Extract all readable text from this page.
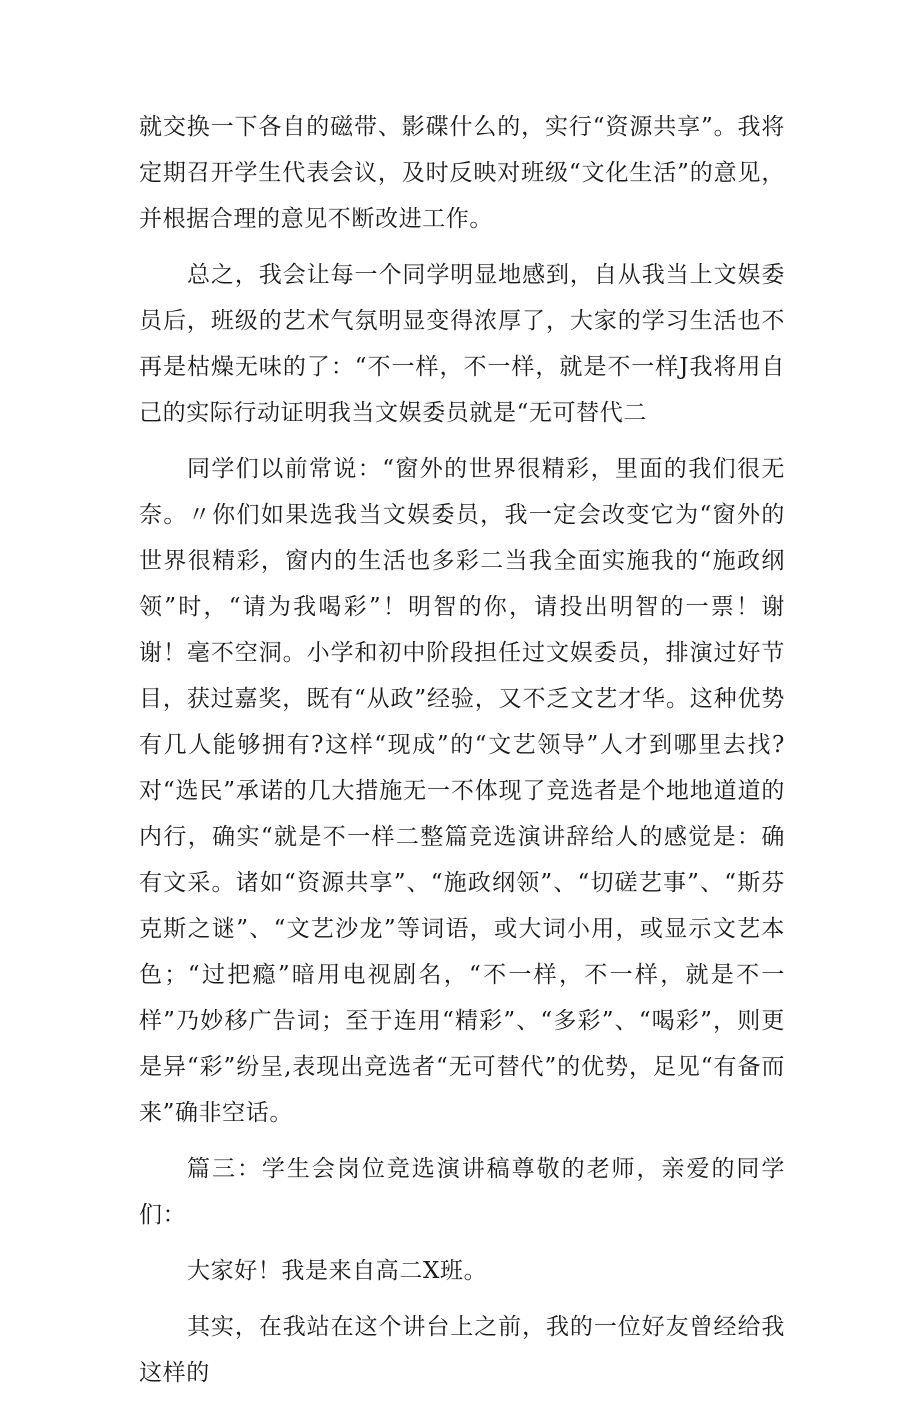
就交换一下各自的磁带、影碟什么的，实行“资源共享”。我将定期召开学生代表会议，及时反映对班级“文化生活”的意见，并根据合理的意见不断改进工作。

总之，我会让每一个同学明显地感到，自从我当上文娱委员后，班级的艺术气氛明显变得浓厚了，大家的学习生活也不再是枯燥无味的了：“不一样，不一样，就是不一样J我将用自己的实际行动证明我当文娱委员就是“无可替代二

同学们以前常说：“窗外的世界很精彩，里面的我们很无奈。〃你们如果选我当文娱委员，我一定会改变它为“窗外的世界很精彩，窗内的生活也多彩二当我全面实施我的“施政纲领”时，“请为我喝彩”！明智的你，请投出明智的一票！谢谢！毫不空洞。小学和初中阶段担任过文娱委员，排演过好节目，获过嘉奖，既有“从政”经验，又不乏文艺才华。这种优势有几人能够拥有?这样“现成”的“文艺领导”人才到哪里去找?对“选民”承诺的几大措施无一不体现了竞选者是个地地道道的内行，确实“就是不一样二整篇竞选演讲辞给人的感觉是：确有文采。诸如“资源共享”、“施政纲领”、“切磋艺事”、“斯芬克斯之谜”、“文艺沙龙”等词语，或大词小用，或显示文艺本色；“过把瘾”暗用电视剧名，“不一样，不一样，就是不一样”乃妙移广告词；至于连用“精彩”、“多彩”、“喝彩”，则更是异“彩”纷呈,表现出竞选者“无可替代”的优势，足见“有备而来”确非空话。

篇三：学生会岗位竞选演讲稿尊敬的老师，亲爱的同学们：

大家好！我是来自高二X班。

其实，在我站在这个讲台上之前，我的一位好友曾经给我这样的
